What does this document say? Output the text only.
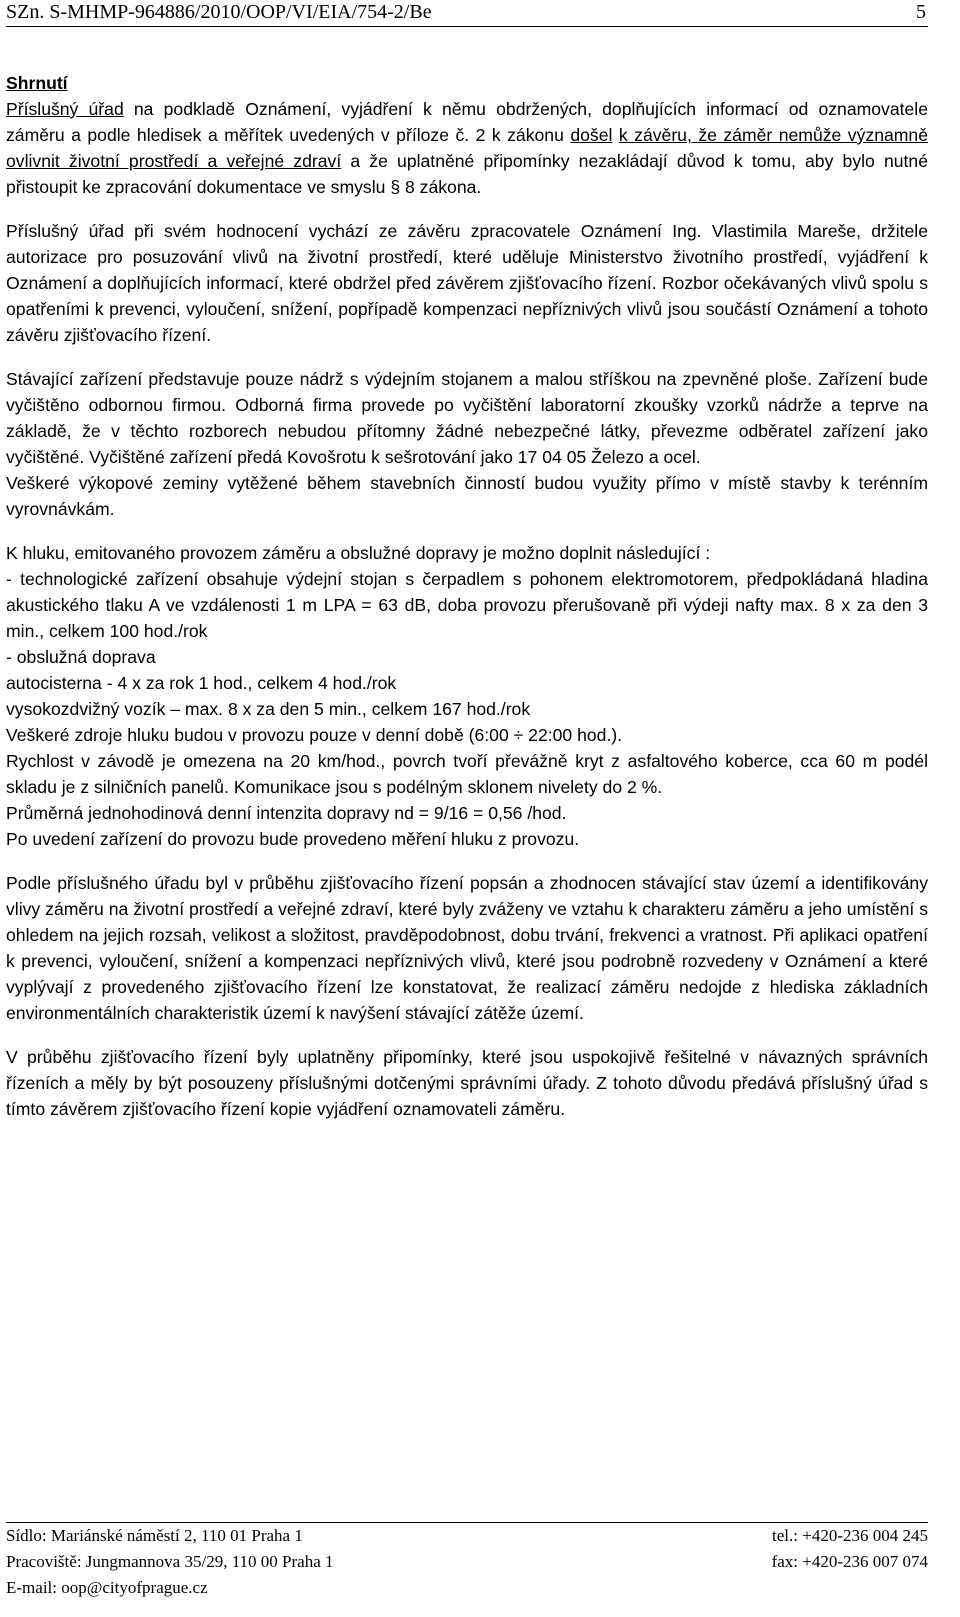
SZn. S-MHMP-964886/2010/OOP/VI/EIA/754-2/Be	5

Shrnutí

Příslušný úřad na podkladě Oznámení, vyjádření k němu obdržených, doplňujících informací od oznamovatele záměru a podle hledisek a měřítek uvedených v příloze č. 2 k zákonu došel k závěru, že záměr nemůže významně ovlivnit životní prostředí a veřejné zdraví a že uplatněné připomínky nezakládají důvod k tomu, aby bylo nutné přistoupit ke zpracování dokumentace ve smyslu § 8 zákona.

Příslušný úřad při svém hodnocení vychází ze závěru zpracovatele Oznámení Ing. Vlastimila Mareše, držitele autorizace pro posuzování vlivů na životní prostředí, které uděluje Ministerstvo životního prostředí, vyjádření k Oznámení a doplňujících informací, které obdržel před závěrem zjišťovacího řízení. Rozbor očekávaných vlivů spolu s opatřeními k prevenci, vyloučení, snížení, popřípadě kompenzaci nepříznivých vlivů jsou součástí Oznámení a tohoto závěru zjišťovacího řízení.

Stávající zařízení představuje pouze nádrž s výdejním stojanem a malou stříškou na zpevněné ploše. Zařízení bude vyčištěno odbornou firmou. Odborná firma provede po vyčištění laboratorní zkoušky vzorků nádrže a teprve na základě, že v těchto rozborech nebudou přítomny žádné nebezpečné látky, převezme odběratel zařízení jako vyčištěné. Vyčištěné zařízení předá Kovošrotu k sešrotování jako 17 04 05 Železo a ocel.

Veškeré výkopové zeminy vytěžené během stavebních činností budou využity přímo v místě stavby k terénním vyrovnávkám.

K hluku, emitovaného provozem záměru a obslužné dopravy je možno doplnit následující :

- technologické zařízení obsahuje výdejní stojan s čerpadlem s pohonem elektromotorem, předpokládaná hladina akustického tlaku A ve vzdálenosti 1 m LPA = 63 dB, doba provozu přerušovaně při výdeji nafty max. 8 x za den 3 min., celkem 100 hod./rok

- obslužná doprava

autocisterna - 4 x za rok 1 hod., celkem 4 hod./rok

vysokozdvižný vozík – max. 8 x za den 5 min., celkem 167 hod./rok

Veškeré zdroje hluku budou v provozu pouze v denní době (6:00 ÷ 22:00 hod.).

Rychlost v závodě je omezena na 20 km/hod., povrch tvoří převážně kryt z asfaltového koberce, cca 60 m podél skladu je z silničních panelů. Komunikace jsou s podélným sklonem nivelety do 2 %.

Průměrná jednohodinová denní intenzita dopravy nd = 9/16 = 0,56 /hod.

Po uvedení zařízení do provozu bude provedeno měření hluku z provozu.

Podle příslušného úřadu byl v průběhu zjišťovacího řízení popsán a zhodnocen stávající stav území a identifikovány vlivy záměru na životní prostředí a veřejné zdraví, které byly zváženy ve vztahu k charakteru záměru a jeho umístění s ohledem na jejich rozsah, velikost a složitost, pravděpodobnost, dobu trvání, frekvenci a vratnost. Při aplikaci opatření k prevenci, vyloučení, snížení a kompenzaci nepříznivých vlivů, které jsou podrobně rozvedeny v Oznámení a které vyplývají z provedeného zjišťovacího řízení lze konstatovat, že realizací záměru nedojde z hlediska základních environmentálních charakteristik území k navýšení stávající zátěže území.

V průběhu zjišťovacího řízení byly uplatněny připomínky, které jsou uspokojivě řešitelné v návazných správních řízeních a měly by být posouzeny příslušnými dotčenými správními úřady. Z tohoto důvodu předává příslušný úřad s tímto závěrem zjišťovacího řízení kopie vyjádření oznamovateli záměru.

Sídlo: Mariánské náměstí 2, 110 01 Praha 1	tel.: +420-236 004 245
Pracoviště: Jungmannova 35/29, 110 00 Praha 1	fax: +420-236 007 074
E-mail: oop@cityofprague.cz
